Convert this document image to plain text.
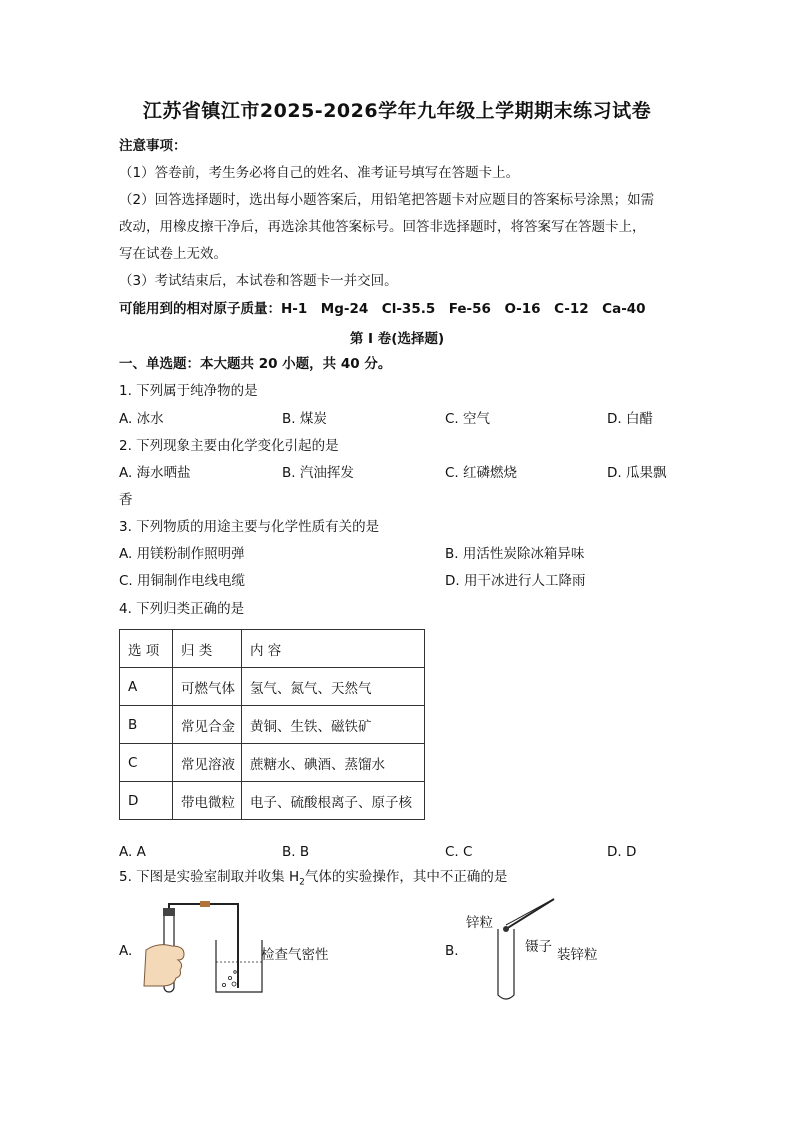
江苏省镇江市2025-2026学年九年级上学期期末练习试卷
注意事项：
（1）答卷前，考生务必将自己的姓名、准考证号填写在答题卡上。
（2）回答选择题时，选出每小题答案后，用铅笔把答题卡对应题目的答案标号涂黑；如需
改动，用橡皮擦干净后，再选涂其他答案标号。回答非选择题时，将答案写在答题卡上，
写在试卷上无效。
（3）考试结束后，本试卷和答题卡一并交回。
可能用到的相对原子质量：H-1　Mg-24　Cl-35.5　Fe-56　O-16　C-12　Ca-40
第 I 卷(选择题)
一、单选题：本大题共 20 小题，共 40 分。
1. 下列属于纯净物的是
A. 冰水	B. 煤炭	C. 空气	D. 白醋
2. 下列现象主要由化学变化引起的是
A. 海水晒盐	B. 汽油挥发	C. 红磷燃烧	D. 瓜果飘
香
3. 下列物质的用途主要与化学性质有关的是
A. 用镁粉制作照明弹	B. 用活性炭除冰箱异味
C. 用铜制作电线电缆	D. 用干冰进行人工降雨
4. 下列归类正确的是
选 项	归 类	内 容
A	可燃气体	氢气、氮气、天然气
B	常见合金	黄铜、生铁、磁铁矿
C	常见溶液	蔗糖水、碘酒、蒸馏水
D	带电微粒	电子、硫酸根离子、原子核
A. A	B. B	C. C	D. D
5. 下图是实验室制取并收集 $H_2$气体的实验操作，其中不正确的是
A.	检查气密性	B.
锌粒
镊子 装锌粒
